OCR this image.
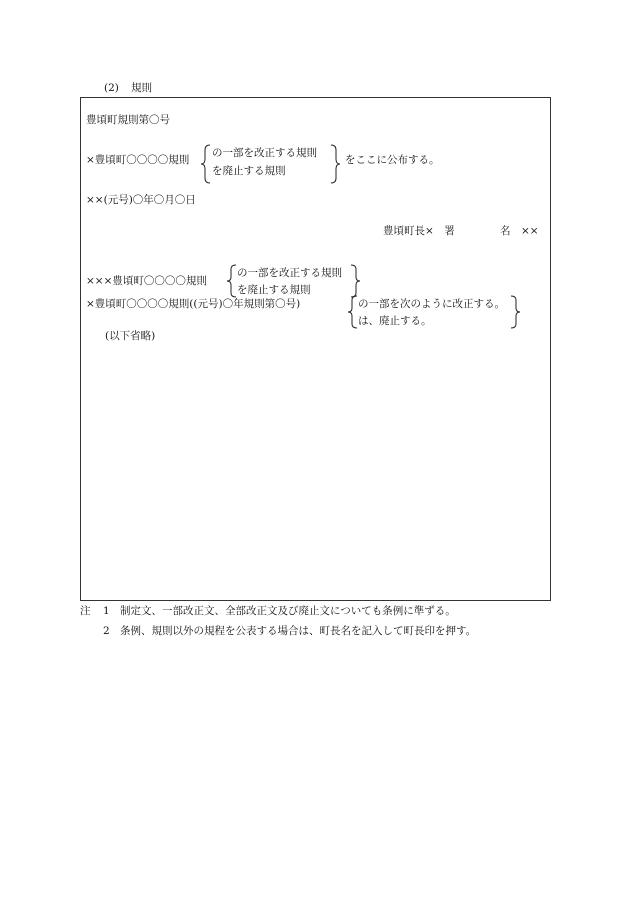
(2) 規則
豊頃町規則第〇号
×豊頃町〇〇〇〇規則
の一部を改正する規則
を廃止する規則
をここに公布する。
××(元号)〇年〇月〇日
豊頃町長×　署	名 ××
×××豊頃町〇〇〇〇規則
の一部を改正する規則
を廃止する規則
×豊頃町〇〇〇〇規則((元号)〇年規則第〇号)	の一部を次のように改正する。
は、廃止する。
(以下省略)
注 1 制定文、一部改正文、全部改正文及び廃止文についても条例に準ずる。
2 条例、規則以外の規程を公表する場合は、町長名を記入して町長印を押す。
